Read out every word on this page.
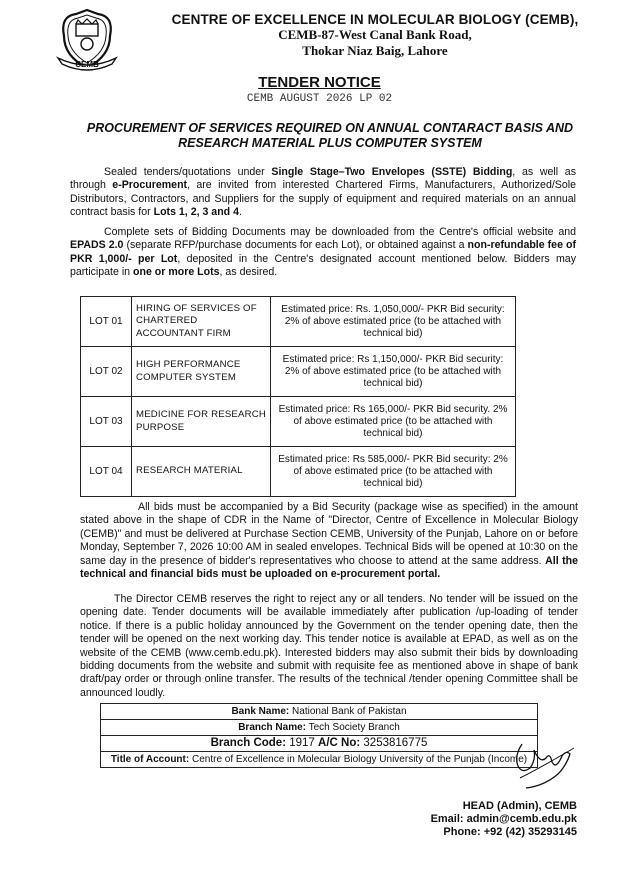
CEMB
CENTRE OF EXCELLENCE IN MOLECULAR BIOLOGY (CEMB),
CEMB-87-West Canal Bank Road,
Thokar Niaz Baig, Lahore
TENDER NOTICE
CEMB AUGUST 2026 LP 02
PROCUREMENT OF SERVICES REQUIRED ON ANNUAL CONTARACT BASIS AND
RESEARCH MATERIAL PLUS COMPUTER SYSTEM
Sealed tenders/quotations under Single Stage–Two Envelopes (SSTE) Bidding, as well as through e-Procurement, are invited from interested Chartered Firms, Manufacturers, Authorized/Sole Distributors, Contractors, and Suppliers for the supply of equipment and required materials on an annual contract basis for Lots 1, 2, 3 and 4.
Complete sets of Bidding Documents may be downloaded from the Centre's official website and EPADS 2.0 (separate RFP/purchase documents for each Lot), or obtained against a non-refundable fee of PKR 1,000/- per Lot, deposited in the Centre's designated account mentioned below. Bidders may participate in one or more Lots, as desired.
LOT 01	HIRING OF SERVICES OF CHARTERED ACCOUNTANT FIRM	Estimated price: Rs. 1,050,000/- PKR Bid security: 2% of above estimated price (to be attached with technical bid)
LOT 02	HIGH PERFORMANCE COMPUTER SYSTEM	Estimated price: Rs 1,150,000/- PKR Bid security: 2% of above estimated price (to be attached with technical bid)
LOT 03	MEDICINE FOR RESEARCH PURPOSE	Estimated price: Rs 165,000/- PKR Bid security. 2% of above estimated price (to be attached with technical bid)
LOT 04	RESEARCH MATERIAL	Estimated price: Rs 585,000/- PKR Bid security: 2% of above estimated price (to be attached with technical bid)
All bids must be accompanied by a Bid Security (package wise as specified) in the amount stated above in the shape of CDR in the Name of "Director, Centre of Excellence in Molecular Biology (CEMB)" and must be delivered at Purchase Section CEMB, University of the Punjab, Lahore on or before Monday, September 7, 2026 10:00 AM in sealed envelopes. Technical Bids will be opened at 10:30 on the same day in the presence of bidder's representatives who choose to attend at the same address. All the technical and financial bids must be uploaded on e-procurement portal.
The Director CEMB reserves the right to reject any or all tenders. No tender will be issued on the opening date. Tender documents will be available immediately after publication /up-loading of tender notice. If there is a public holiday announced by the Government on the tender opening date, then the tender will be opened on the next working day. This tender notice is available at EPAD, as well as on the website of the CEMB (www.cemb.edu.pk). Interested bidders may also submit their bids by downloading bidding documents from the website and submit with requisite fee as mentioned above in shape of bank draft/pay order or through online transfer. The results of the technical /tender opening Committee shall be announced loudly.
Bank Name: National Bank of Pakistan
Branch Name: Tech Society Branch
Branch Code: 1917 A/C No: 3253816775
Title of Account: Centre of Excellence in Molecular Biology University of the Punjab (Income)
HEAD (Admin), CEMB
Email: admin@cemb.edu.pk
Phone: +92 (42) 35293145
